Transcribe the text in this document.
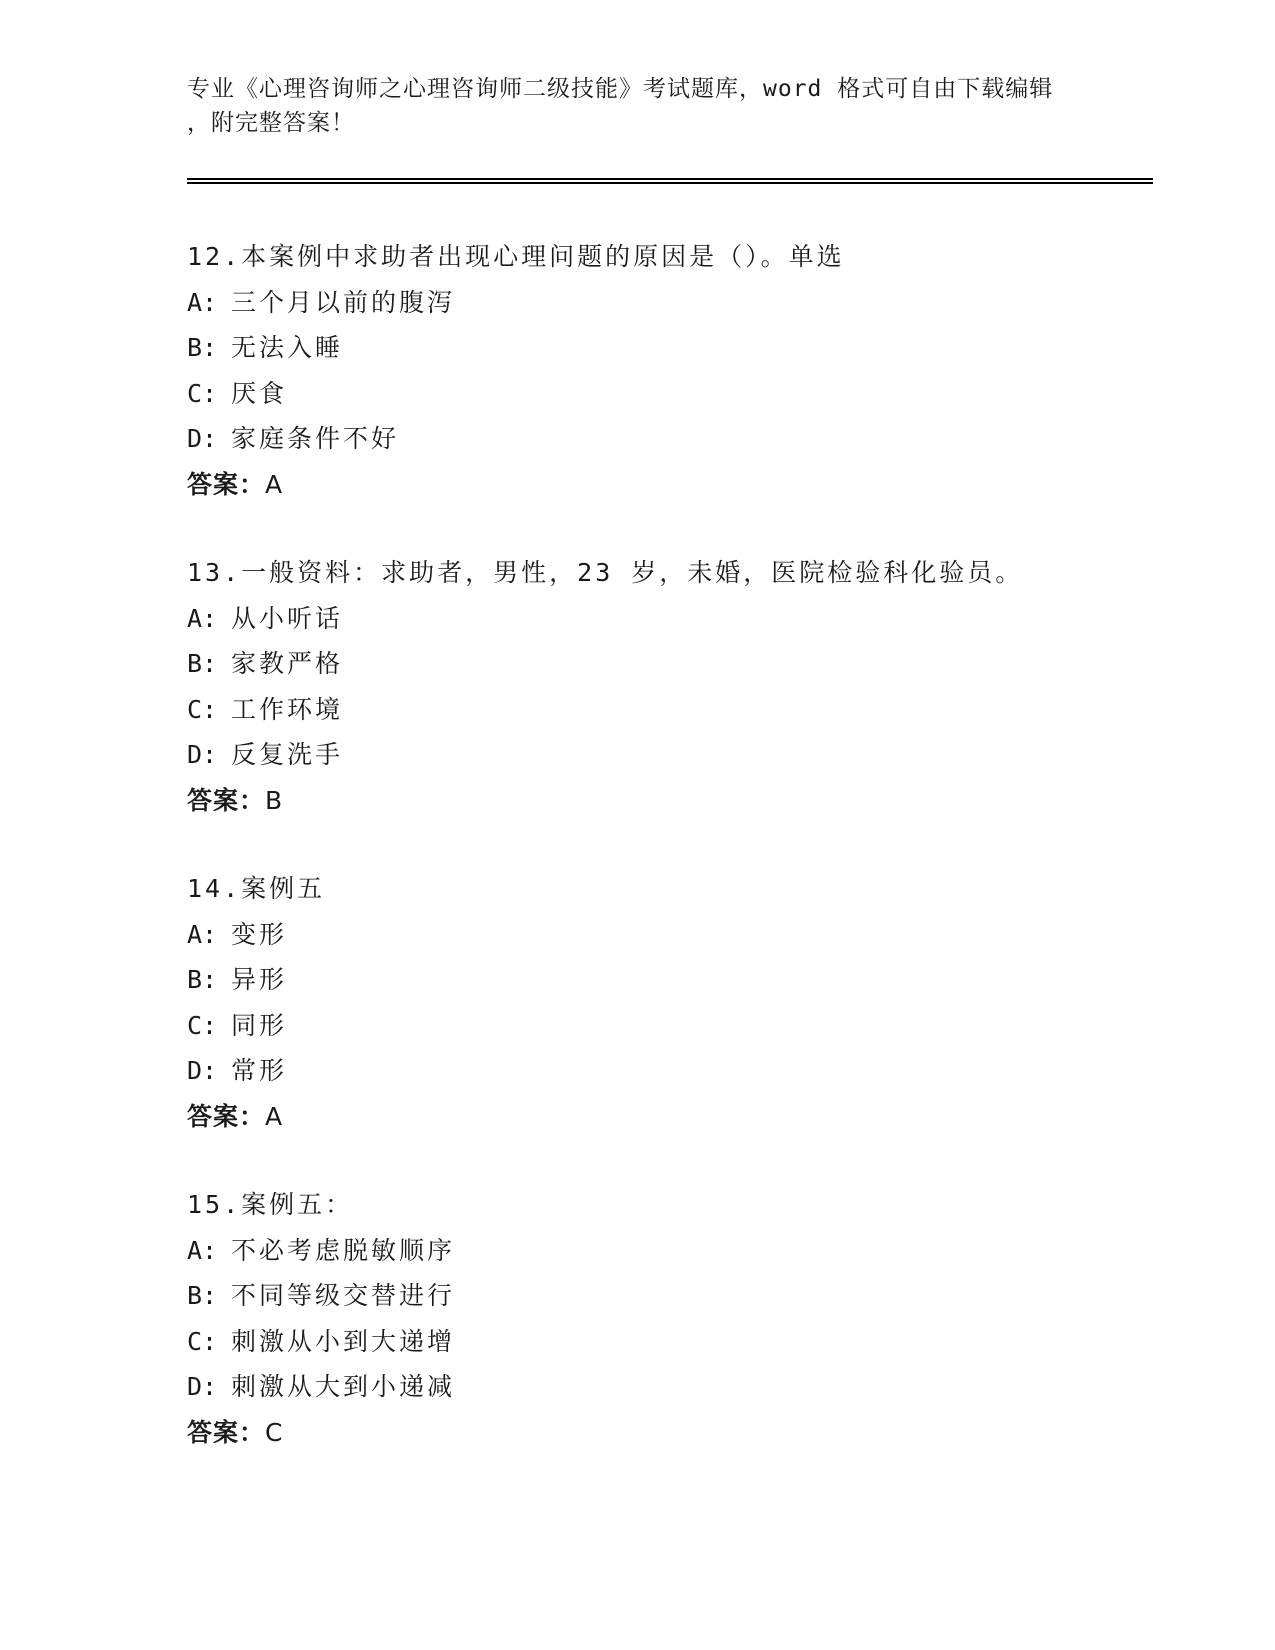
专业《心理咨询师之心理咨询师二级技能》考试题库，word 格式可自由下载编辑
，附完整答案！
12.本案例中求助者出现心理问题的原因是（）。单选
A: 三个月以前的腹泻
B: 无法入睡
C: 厌食
D: 家庭条件不好
答案：A
13.一般资料：求助者，男性，23 岁，未婚，医院检验科化验员。
A: 从小听话
B: 家教严格
C: 工作环境
D: 反复洗手
答案：B
14.案例五
A: 变形
B: 异形
C: 同形
D: 常形
答案：A
15.案例五：
A: 不必考虑脱敏顺序
B: 不同等级交替进行
C: 刺激从小到大递增
D: 刺激从大到小递减
答案：C
